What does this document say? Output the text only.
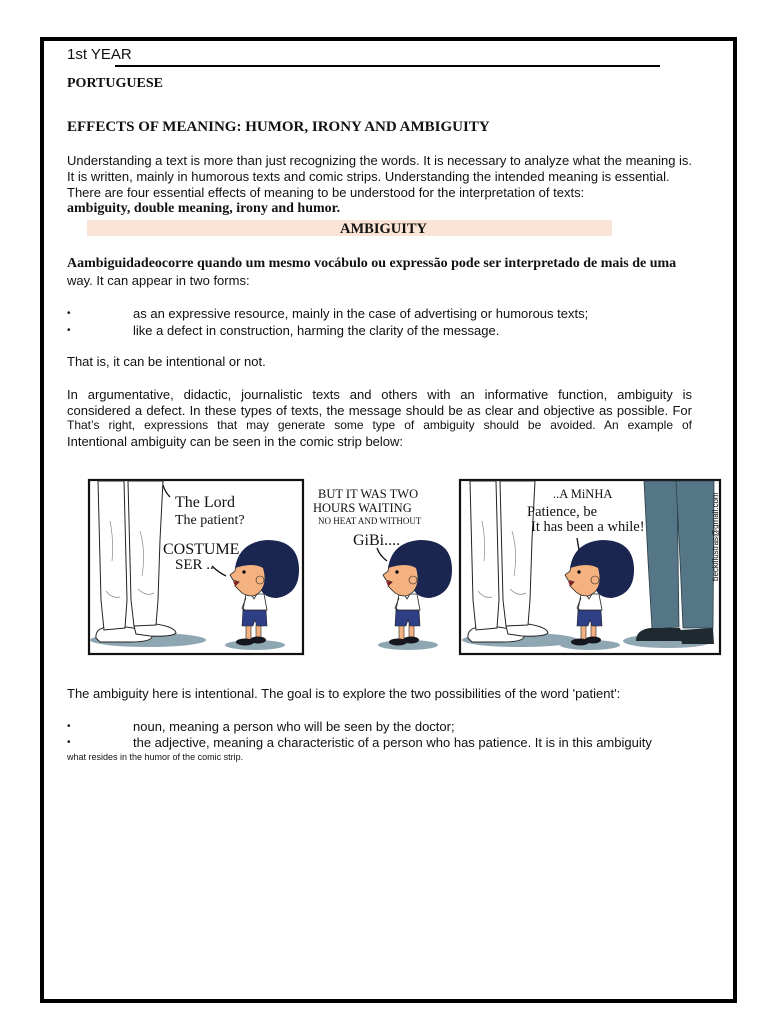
1st YEAR
PORTUGUESE
EFFECTS OF MEANING: HUMOR, IRONY AND AMBIGUITY
Understanding a text is more than just recognizing the words. It is necessary to analyze what the meaning is.
It is written, mainly in humorous texts and comic strips. Understanding the intended meaning is essential.
There are four essential effects of meaning to be understood for the interpretation of texts:
ambiguity, double meaning, irony and humor.
AMBIGUITY
Aambiguidadeocorre quando um mesmo vocábulo ou expressão pode ser interpretado de mais de uma
way. It can appear in two forms:
•	as an expressive resource, mainly in the case of advertising or humorous texts;
•	like a defect in construction, harming the clarity of the message.
That is, it can be intentional or not.
In argumentative, didactic, journalistic texts and others with an informative function, ambiguity is
considered a defect. In these types of texts, the message should be as clear and objective as possible. For
That’s right, expressions that may generate some type of ambiguity should be avoided. An example of
Intentional ambiguity can be seen in the comic strip below:
The Lord
The patient?
COSTUME
SER ..
BUT IT WAS TWO
HOURS WAITING
NO HEAT AND WITHOUT
GiBi....
..A MiNHA
Patience, be
It has been a while!	beckillustras@gmail.com
The ambiguity here is intentional. The goal is to explore the two possibilities of the word 'patient':
•	noun, meaning a person who will be seen by the doctor;
•	the adjective, meaning a characteristic of a person who has patience. It is in this ambiguity
what resides in the humor of the comic strip.
